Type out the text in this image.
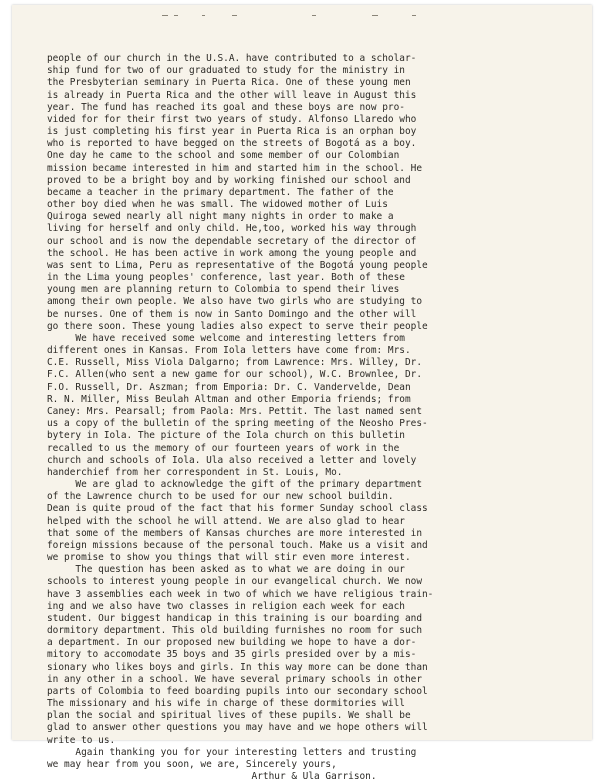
people of our church in the U.S.A. have contributed to a scholar-
ship fund for two of our graduated to study for the ministry in
the Presbyterian seminary in Puerta Rica. One of these young men
is already in Puerta Rica and the other will leave in August this
year. The fund has reached its goal and these boys are now pro-
vided for for their first two years of study. Alfonso Llaredo who
is just completing his first year in Puerta Rica is an orphan boy
who is reported to have begged on the streets of Bogotá as a boy.
One day he came to the school and some member of our Colombian
mission became interested in him and started him in the school. He
proved to be a bright boy and by working finished our school and
became a teacher in the primary department. The father of the
other boy died when he was small. The widowed mother of Luis
Quiroga sewed nearly all night many nights in order to make a
living for herself and only child. He,too, worked his way through
our school and is now the dependable secretary of the director of
the school. He has been active in work among the young people and
was sent to Lima, Peru as representative of the Bogotá young people
in the Lima young peoples' conference, last year. Both of these
young men are planning return to Colombia to spend their lives
among their own people. We also have two girls who are studying to
be nurses. One of them is now in Santo Domingo and the other will
go there soon. These young ladies also expect to serve their people
We have received some welcome and interesting letters from
different ones in Kansas. From Iola letters have come from: Mrs.
C.E. Russell, Miss Viola Dalgarno; from Lawrence: Mrs. Willey, Dr.
F.C. Allen(who sent a new game for our school), W.C. Brownlee, Dr.
F.O. Russell, Dr. Aszman; from Emporia: Dr. C. Vandervelde, Dean
R. N. Miller, Miss Beulah Altman and other Emporia friends; from
Caney: Mrs. Pearsall; from Paola: Mrs. Pettit. The last named sent
us a copy of the bulletin of the spring meeting of the Neosho Pres-
bytery in Iola. The picture of the Iola church on this bulletin
recalled to us the memory of our fourteen years of work in the
church and schools of Iola. Ula also received a letter and lovely
handerchief from her correspondent in St. Louis, Mo.
We are glad to acknowledge the gift of the primary department
of the Lawrence church to be used for our new school buildin.
Dean is quite proud of the fact that his former Sunday school class
helped with the school he will attend. We are also glad to hear
that some of the members of Kansas churches are more interested in
foreign missions because of the personal touch. Make us a visit and
we promise to show you things that will stir even more interest.
The question has been asked as to what we are doing in our
schools to interest young people in our evangelical church. We now
have 3 assemblies each week in two of which we have religious train-
ing and we also have two classes in religion each week for each
student. Our biggest handicap in this training is our boarding and
dormitory department. This old building furnishes no room for such
a department. In our proposed new building we hope to have a dor-
mitory to accomodate 35 boys and 35 girls presided over by a mis-
sionary who likes boys and girls. In this way more can be done than
in any other in a school. We have several primary schools in other
parts of Colombia to feed boarding pupils into our secondary school
The missionary and his wife in charge of these dormitories will
plan the social and spiritual lives of these pupils. We shall be
glad to answer other questions you may have and we hope others will
write to us.
Again thanking you for your interesting letters and trusting
we may hear from you soon, we are, Sincerely yours,
Arthur & Ula Garrison.
